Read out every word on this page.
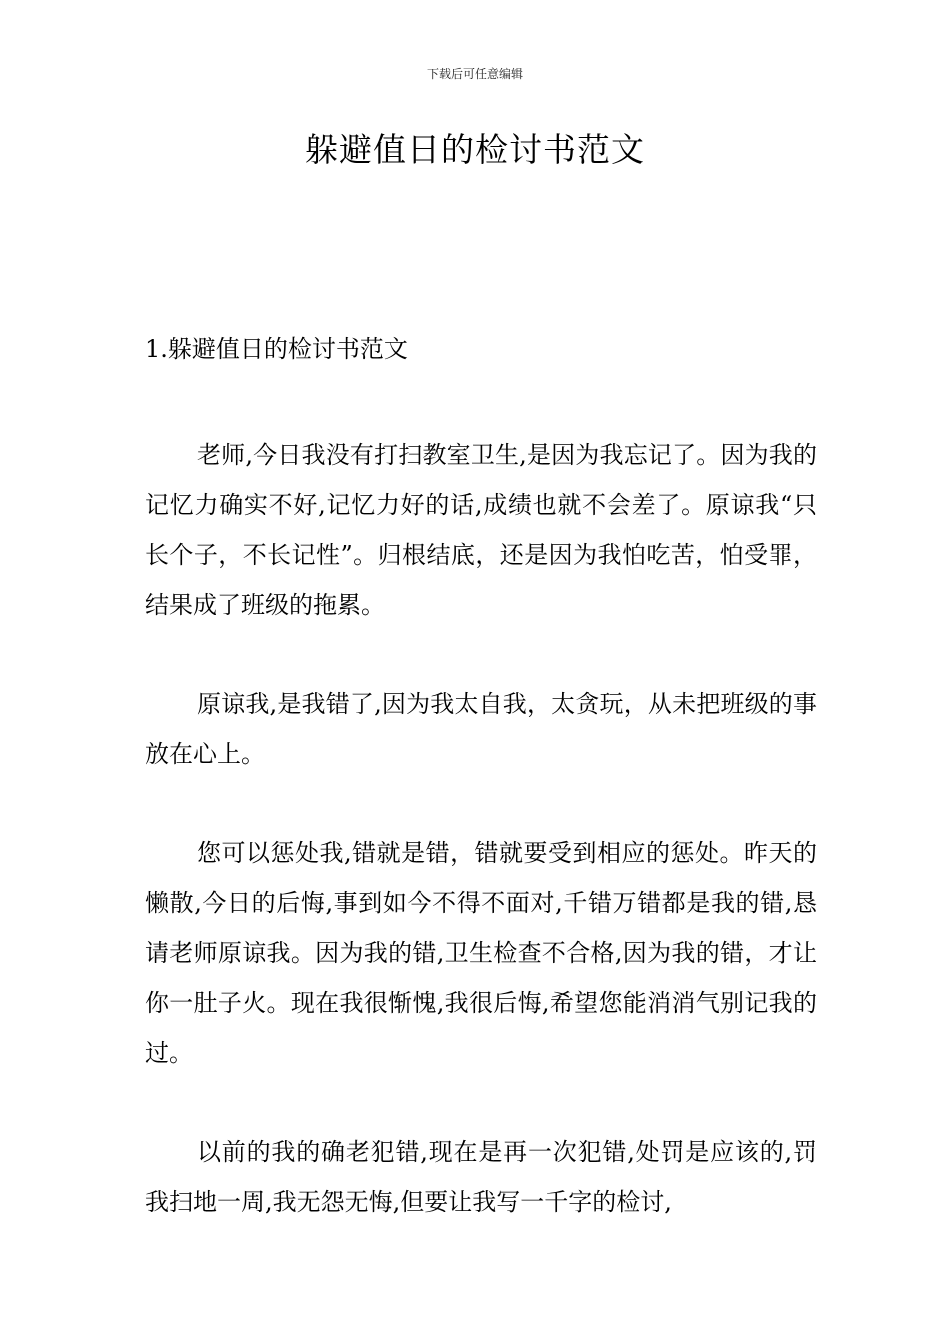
下载后可任意编辑
躲避值日的检讨书范文
1.躲避值日的检讨书范文

老师,今日我没有打扫教室卫生,是因为我忘记了。因为我的记忆力确实不好,记忆力好的话,成绩也就不会差了。原谅我“只长个子，不长记性”。归根结底，还是因为我怕吃苦，怕受罪，结果成了班级的拖累。

原谅我,是我错了,因为我太自我，太贪玩，从未把班级的事放在心上。

您可以惩处我,错就是错，错就要受到相应的惩处。昨天的懒散,今日的后悔,事到如今不得不面对,千错万错都是我的错,恳请老师原谅我。因为我的错,卫生检查不合格,因为我的错，才让你一肚子火。现在我很惭愧,我很后悔,希望您能消消气别记我的过。

以前的我的确老犯错,现在是再一次犯错,处罚是应该的,罚我扫地一周,我无怨无悔,但要让我写一千字的检讨,
